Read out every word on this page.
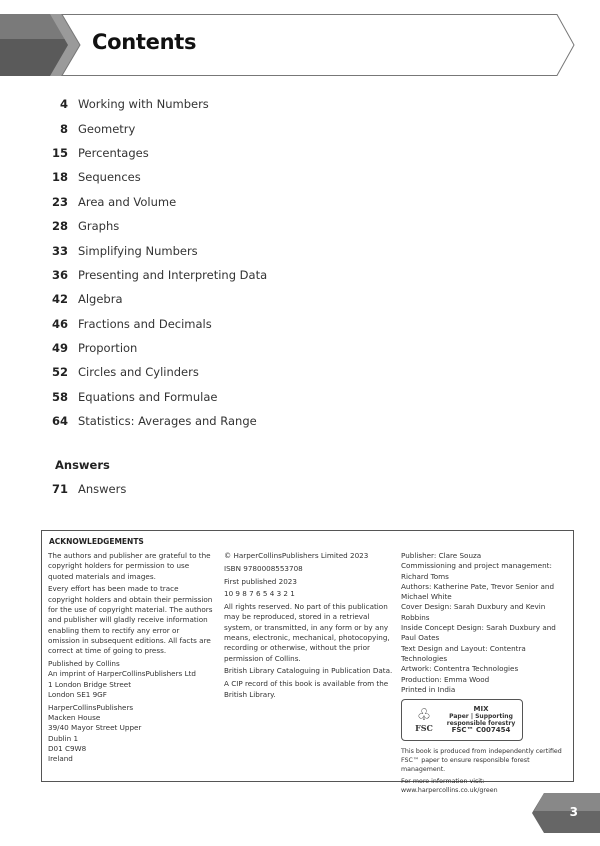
Contents
4 Working with Numbers
8 Geometry
15 Percentages
18 Sequences
23 Area and Volume
28 Graphs
33 Simplifying Numbers
36 Presenting and Interpreting Data
42 Algebra
46 Fractions and Decimals
49 Proportion
52 Circles and Cylinders
58 Equations and Formulae
64 Statistics: Averages and Range
Answers
71 Answers
ACKNOWLEDGEMENTS

The authors and publisher are grateful to the copyright holders for permission to use quoted materials and images.

Every effort has been made to trace copyright holders and obtain their permission for the use of copyright material. The authors and publisher will gladly receive information enabling them to rectify any error or omission in subsequent editions. All facts are correct at time of going to press.

Published by Collins
An imprint of HarperCollinsPublishers Ltd
1 London Bridge Street
London SE1 9GF

HarperCollinsPublishers
Macken House
39/40 Mayor Street Upper
Dublin 1
D01 C9W8
Ireland

© HarperCollinsPublishers Limited 2023

ISBN 9780008553708

First published 2023

10 9 8 7 6 5 4 3 2 1

All rights reserved. No part of this publication may be reproduced, stored in a retrieval system, or transmitted, in any form or by any means, electronic, mechanical, photocopying, recording or otherwise, without the prior permission of Collins.

British Library Cataloguing in Publication Data.

A CIP record of this book is available from the British Library.

Publisher: Clare Souza
Commissioning and project management: Richard Toms
Authors: Katherine Pate, Trevor Senior and Michael White
Cover Design: Sarah Duxbury and Kevin Robbins
Inside Concept Design: Sarah Duxbury and Paul Oates
Text Design and Layout: Contentra Technologies
Artwork: Contentra Technologies
Production: Emma Wood
Printed in India

♧
FSC
MIX
Paper | Supporting responsible forestry
FSC™ C007454

This book is produced from independently certified FSC™ paper to ensure responsible forest management.

For more information visit:
www.harpercollins.co.uk/green

3
